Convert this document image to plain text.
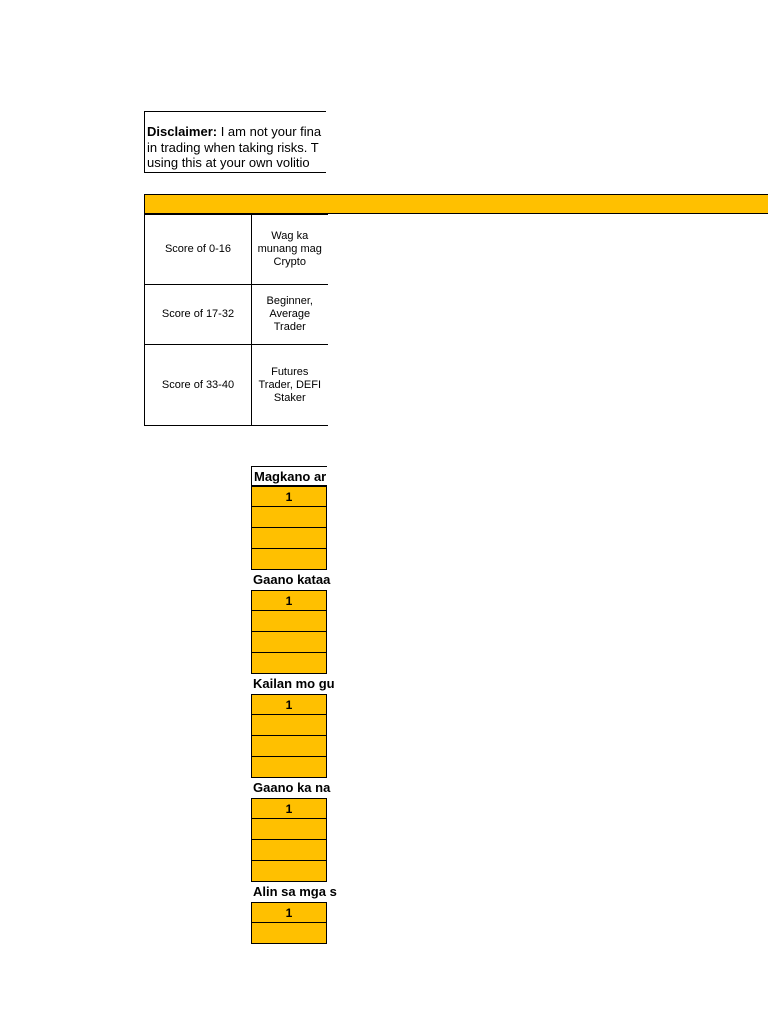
Disclaimer: I am not your fina
in trading when taking risks. T
using this at your own volitio
Score of 0-16	Wag ka munang mag Crypto
Score of 17-32	Beginner, Average Trader
Score of 33-40	Futures Trader, DEFI Staker
Magkano ar
1
Gaano kataa
1
Kailan mo gu
1
Gaano ka na
1
Alin sa mga s
1
